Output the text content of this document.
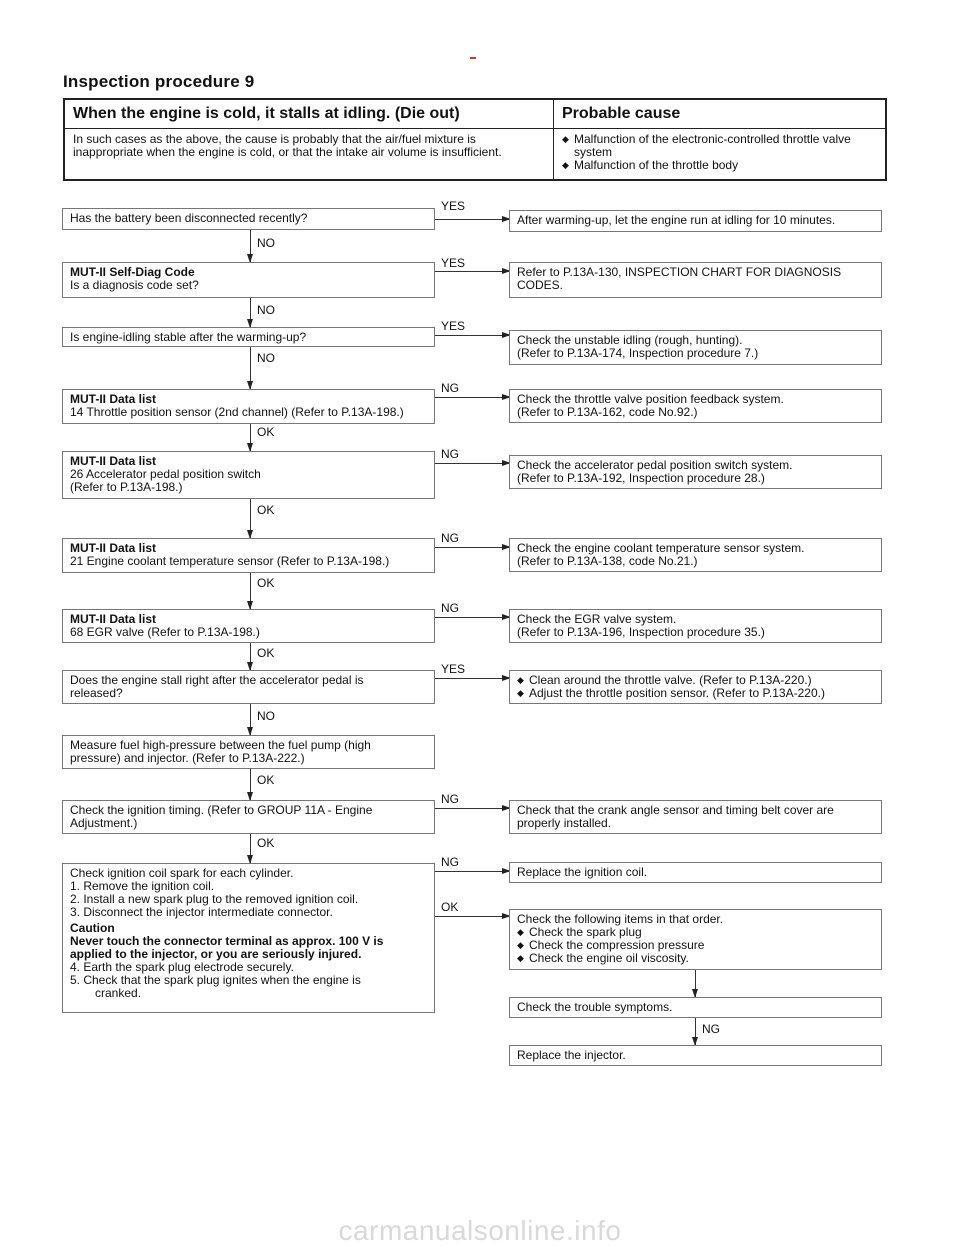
Inspection procedure 9
When the engine is cold, it stalls at idling. (Die out)	Probable cause
In such cases as the above, the cause is probably that the air/fuel mixture is inappropriate when the engine is cold, or that the intake air volume is insufficient.	◆ Malfunction of the electronic-controlled throttle valve system
◆ Malfunction of the throttle body
Has the battery been disconnected recently?
YES
After warming-up, let the engine run at idling for 10 minutes.
NO
MUT-II Self-Diag Code
Is a diagnosis code set?
YES
Refer to P.13A-130, INSPECTION CHART FOR DIAGNOSIS
CODES.
NO
Is engine-idling stable after the warming-up?
YES
Check the unstable idling (rough, hunting).
(Refer to P.13A-174, Inspection procedure 7.)
NO
MUT-II Data list
14 Throttle position sensor (2nd channel) (Refer to P.13A-198.)
NG
Check the throttle valve position feedback system.
(Refer to P.13A-162, code No.92.)
OK
MUT-II Data list
26 Accelerator pedal position switch
(Refer to P.13A-198.)
NG
Check the accelerator pedal position switch system.
(Refer to P.13A-192, Inspection procedure 28.)
OK
MUT-II Data list
21 Engine coolant temperature sensor (Refer to P.13A-198.)
NG
Check the engine coolant temperature sensor system.
(Refer to P.13A-138, code No.21.)
OK
MUT-II Data list
68 EGR valve (Refer to P.13A-198.)
NG
Check the EGR valve system.
(Refer to P.13A-196, Inspection procedure 35.)
OK
Does the engine stall right after the accelerator pedal is
released?
YES
◆ Clean around the throttle valve. (Refer to P.13A-220.)
◆ Adjust the throttle position sensor. (Refer to P.13A-220.)
NO
Measure fuel high-pressure between the fuel pump (high
pressure) and injector. (Refer to P.13A-222.)
OK
Check the ignition timing. (Refer to GROUP 11A - Engine
Adjustment.)
NG
Check that the crank angle sensor and timing belt cover are
properly installed.
OK
Check ignition coil spark for each cylinder.
1. Remove the ignition coil.
2. Install a new spark plug to the removed ignition coil.
3. Disconnect the injector intermediate connector.
Caution
Never touch the connector terminal as approx. 100 V is
applied to the injector, or you are seriously injured.
4. Earth the spark plug electrode securely.
5. Check that the spark plug ignites when the engine is
cranked.
NG
Replace the ignition coil.
OK
Check the following items in that order.
◆ Check the spark plug
◆ Check the compression pressure
◆ Check the engine oil viscosity.
Check the trouble symptoms.
NG
Replace the injector.
carmanualsonline.info
